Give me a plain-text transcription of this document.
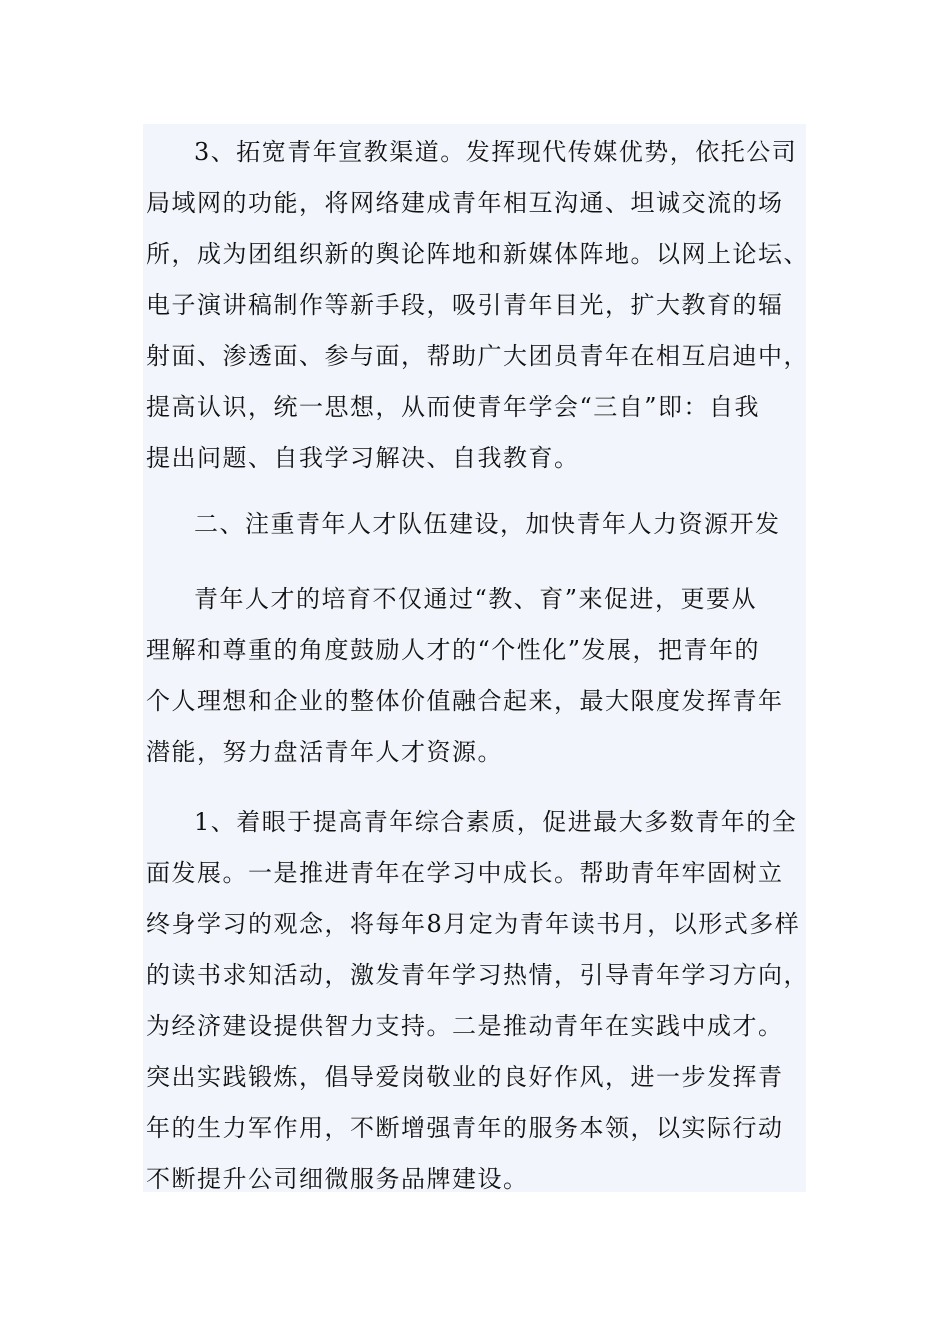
3、拓宽青年宣教渠道。发挥现代传媒优势，依托公司
局域网的功能，将网络建成青年相互沟通、坦诚交流的场
所，成为团组织新的舆论阵地和新媒体阵地。以网上论坛、
电子演讲稿制作等新手段，吸引青年目光，扩大教育的辐
射面、渗透面、参与面，帮助广大团员青年在相互启迪中，
提高认识，统一思想，从而使青年学会“三自”即：自我
提出问题、自我学习解决、自我教育。
二、注重青年人才队伍建设，加快青年人力资源开发
青年人才的培育不仅通过“教、育”来促进，更要从
理解和尊重的角度鼓励人才的“个性化”发展，把青年的
个人理想和企业的整体价值融合起来，最大限度发挥青年
潜能，努力盘活青年人才资源。
1、着眼于提高青年综合素质，促进最大多数青年的全
面发展。一是推进青年在学习中成长。帮助青年牢固树立
终身学习的观念，将每年8月定为青年读书月，以形式多样
的读书求知活动，激发青年学习热情，引导青年学习方向，
为经济建设提供智力支持。二是推动青年在实践中成才。
突出实践锻炼，倡导爱岗敬业的良好作风，进一步发挥青
年的生力军作用，不断增强青年的服务本领，以实际行动
不断提升公司细微服务品牌建设。
